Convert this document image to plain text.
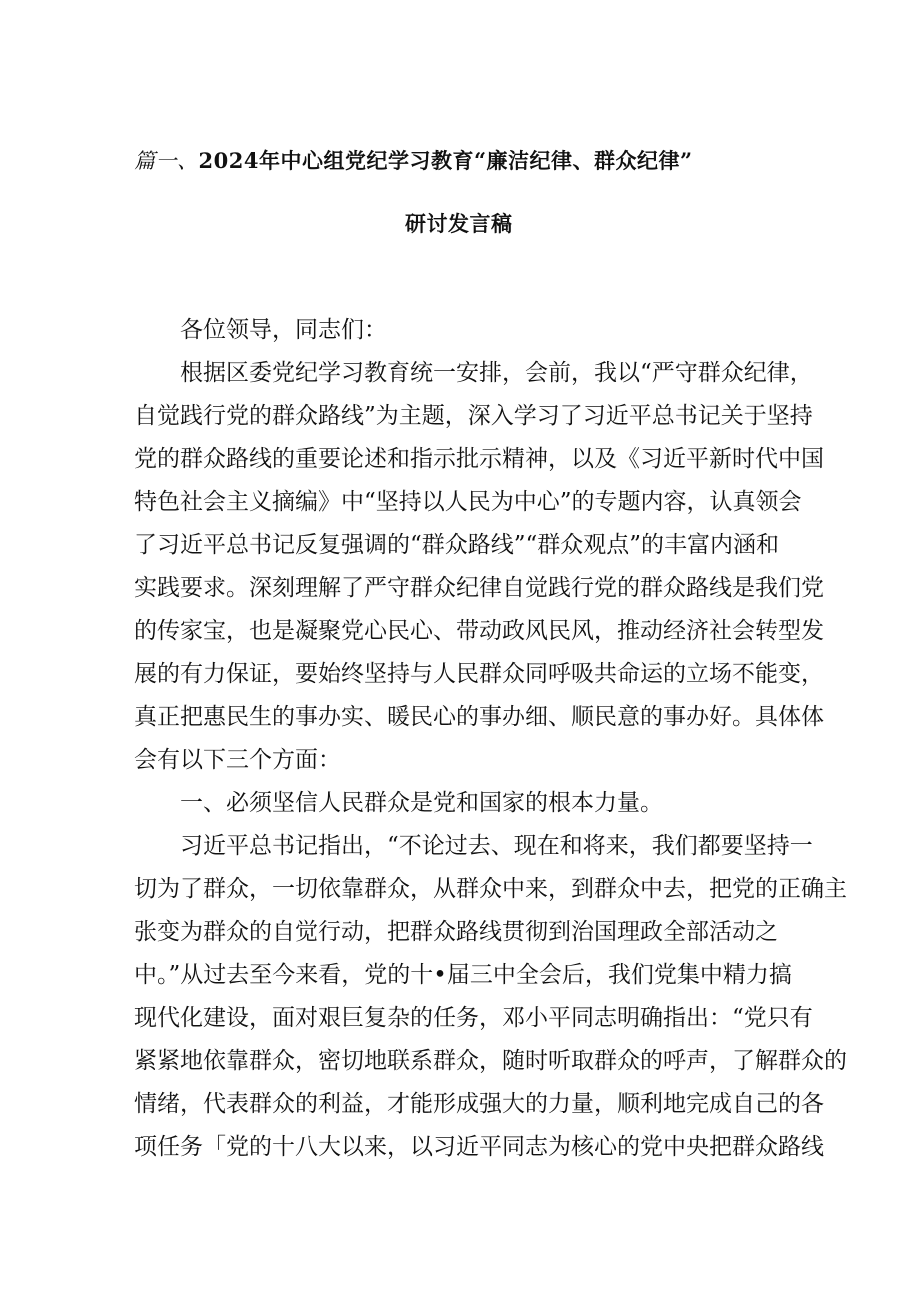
篇一、2024年中心组党纪学习教育“廉洁纪律、群众纪律”
研讨发言稿
各位领导，同志们：
根据区委党纪学习教育统一安排，会前，我以“严守群众纪律，
自觉践行党的群众路线”为主题，深入学习了习近平总书记关于坚持
党的群众路线的重要论述和指示批示精神，以及《习近平新时代中国
特色社会主义摘编》中“坚持以人民为中心”的专题内容，认真领会
了习近平总书记反复强调的“群众路线”“群众观点”的丰富内涵和
实践要求。深刻理解了严守群众纪律自觉践行党的群众路线是我们党
的传家宝，也是凝聚党心民心、带动政风民风，推动经济社会转型发
展的有力保证，要始终坚持与人民群众同呼吸共命运的立场不能变，
真正把惠民生的事办实、暖民心的事办细、顺民意的事办好。具体体
会有以下三个方面：
一、必须坚信人民群众是党和国家的根本力量。
习近平总书记指出，“不论过去、现在和将来，我们都要坚持一
切为了群众，一切依靠群众，从群众中来，到群众中去，把党的正确主
张变为群众的自觉行动，把群众路线贯彻到治国理政全部活动之
中。”从过去至今来看，党的十•届三中全会后，我们党集中精力搞
现代化建设，面对艰巨复杂的任务，邓小平同志明确指出：“党只有
紧紧地依靠群众，密切地联系群众，随时听取群众的呼声，了解群众的
情绪，代表群众的利益，才能形成强大的力量，顺利地完成自己的各
项任务「党的十八大以来，以习近平同志为核心的党中央把群众路线
